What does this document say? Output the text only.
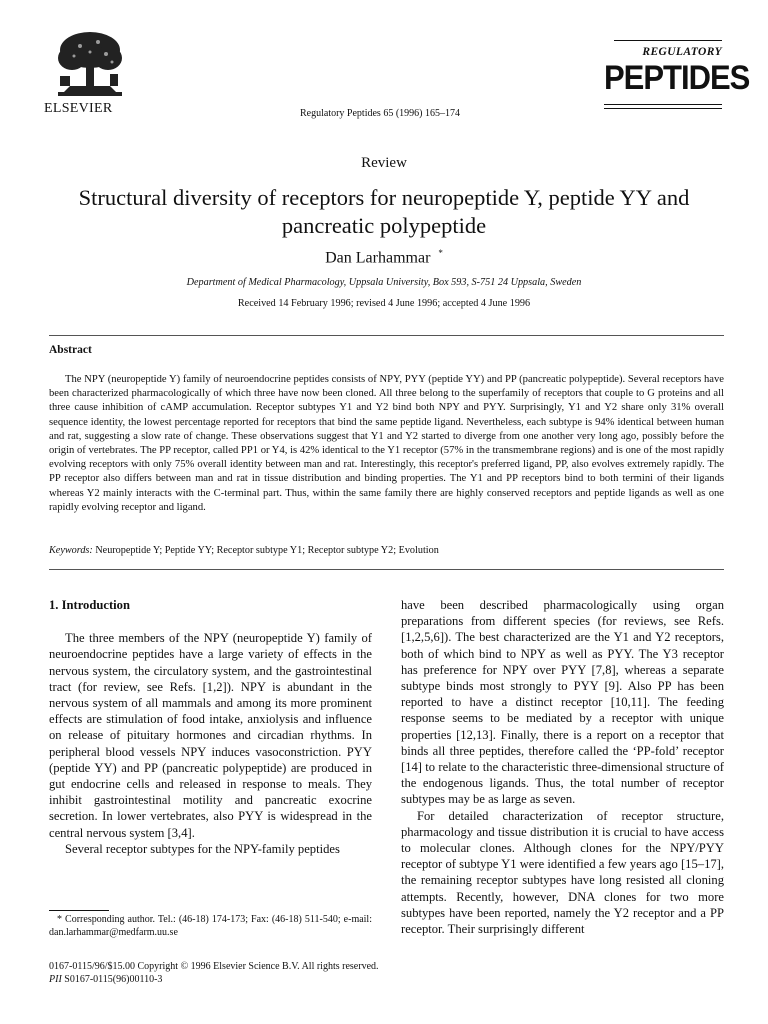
ELSEVIER	Regulatory Peptides 65 (1996) 165–174
REGULATORY
PEPTIDES
Review
Structural diversity of receptors for neuropeptide Y, peptide YY and pancreatic polypeptide
Dan Larhammar *
Department of Medical Pharmacology, Uppsala University, Box 593, S-751 24 Uppsala, Sweden
Received 14 February 1996; revised 4 June 1996; accepted 4 June 1996
Abstract
The NPY (neuropeptide Y) family of neuroendocrine peptides consists of NPY, PYY (peptide YY) and PP (pancreatic polypeptide). Several receptors have been characterized pharmacologically of which three have now been cloned. All three belong to the superfamily of receptors that couple to G proteins and all three cause inhibition of cAMP accumulation. Receptor subtypes Y1 and Y2 bind both NPY and PYY. Surprisingly, Y1 and Y2 share only 31% overall sequence identity, the lowest percentage reported for receptors that bind the same peptide ligand. Nevertheless, each subtype is 94% identical between human and rat, suggesting a slow rate of change. These observations suggest that Y1 and Y2 started to diverge from one another very long ago, possibly before the origin of vertebrates. The PP receptor, called PP1 or Y4, is 42% identical to the Y1 receptor (57% in the transmembrane regions) and is one of the most rapidly evolving receptors with only 75% overall identity between man and rat. Interestingly, this receptor's preferred ligand, PP, also evolves extremely rapidly. The PP receptor also differs between man and rat in tissue distribution and binding properties. The Y1 and PP receptors bind to both termini of their ligands whereas Y2 mainly interacts with the C-terminal part. Thus, within the same family there are highly conserved receptors and peptide ligands as well as one rapidly evolving receptor and ligand.
Keywords: Neuropeptide Y; Peptide YY; Receptor subtype Y1; Receptor subtype Y2; Evolution
1. Introduction

The three members of the NPY (neuropeptide Y) family of neuroendocrine peptides have a large variety of effects in the nervous system, the circulatory system, and the gastrointestinal tract (for review, see Refs. [1,2]). NPY is abundant in the nervous system of all mammals and among its more prominent effects are stimulation of food intake, anxiolysis and influence on release of pituitary hormones and circadian rhythms. In peripheral blood vessels NPY induces vasoconstriction. PYY (peptide YY) and PP (pancreatic polypeptide) are produced in gut endocrine cells and released in response to meals. They inhibit gastrointestinal motility and pancreatic exocrine secretion. In lower vertebrates, also PYY is widespread in the central nervous system [3,4].

Several receptor subtypes for the NPY-family peptides

have been described pharmacologically using organ preparations from different species (for reviews, see Refs. [1,2,5,6]). The best characterized are the Y1 and Y2 receptors, both of which bind to NPY as well as PYY. The Y3 receptor has preference for NPY over PYY [7,8], whereas a separate subtype binds most strongly to PYY [9]. Also PP has been reported to have a distinct receptor [10,11]. The feeding response seems to be mediated by a receptor with unique properties [12,13]. Finally, there is a report on a receptor that binds all three peptides, therefore called the ‘PP-fold’ receptor [14] to relate to the characteristic three-dimensional structure of the endogenous ligands. Thus, the total number of receptor subtypes may be as large as seven.

For detailed characterization of receptor structure, pharmacology and tissue distribution it is crucial to have access to molecular clones. Although clones for the NPY/PYY receptor of subtype Y1 were identified a few years ago [15–17], the remaining receptor subtypes have long resisted all cloning attempts. Recently, however, DNA clones for two more subtypes have been reported, namely the Y2 receptor and a PP receptor. Their surprisingly different

* Corresponding author. Tel.: (46-18) 174-173; Fax: (46-18) 511-540; e-mail: dan.larhammar@medfarm.uu.se
0167-0115/96/$15.00 Copyright © 1996 Elsevier Science B.V. All rights reserved.
PII S0167-0115(96)00110-3
